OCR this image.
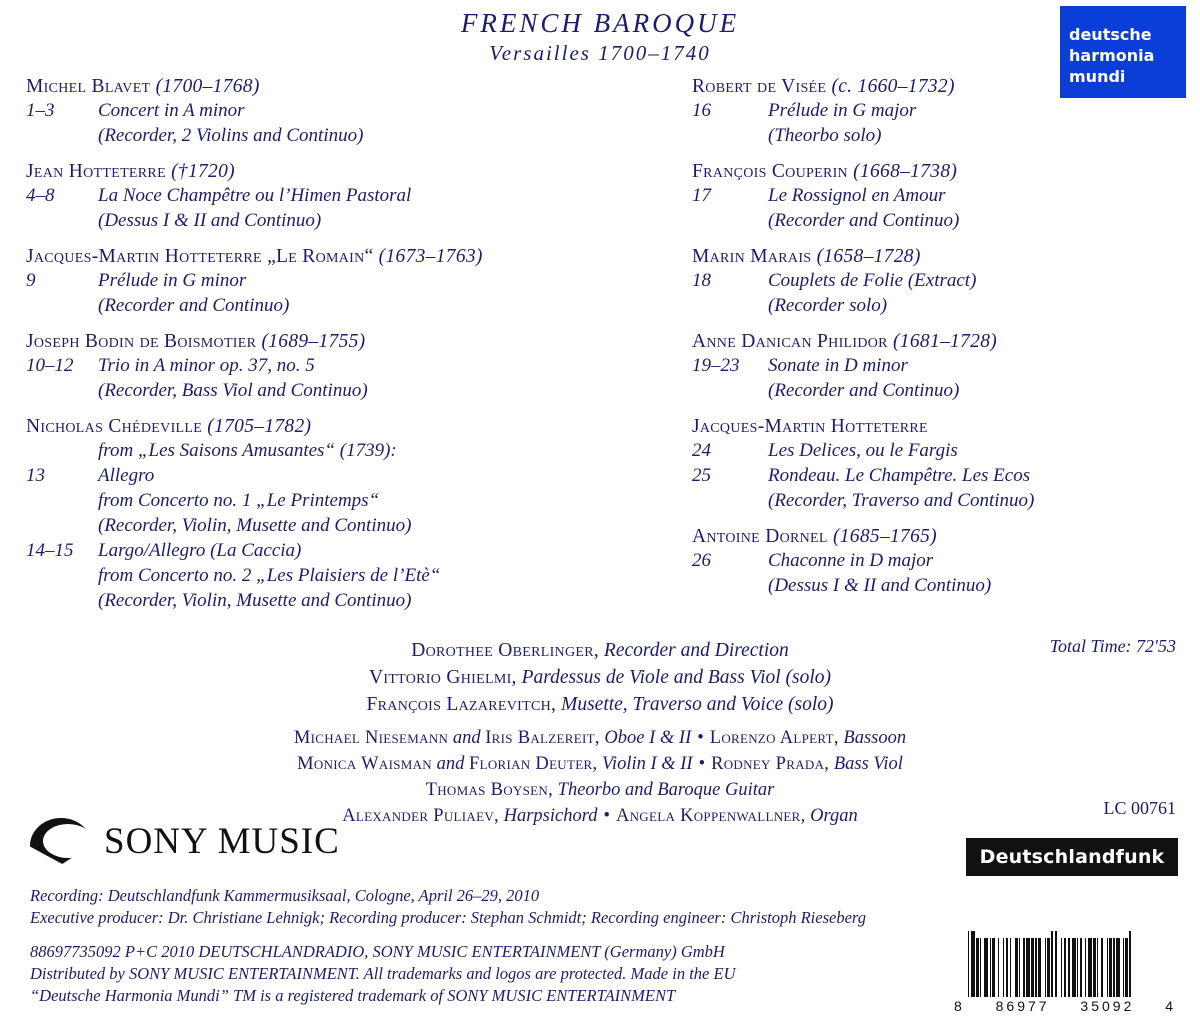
FRENCH BAROQUE
Versailles 1700–1740
deutsche
harmonia
mundi
Michel Blavet (1700–1768)
1–3	Concert in A minor
(Recorder, 2 Violins and Continuo)
Jean Hotteterre (†1720)
4–8	La Noce Champêtre ou l’Himen Pastoral
(Dessus I & II and Continuo)
Jacques-Martin Hotteterre „Le Romain“ (1673–1763)
9	Prélude in G minor
(Recorder and Continuo)
Joseph Bodin de Boismotier (1689–1755)
10–12	Trio in A minor op. 37, no. 5
(Recorder, Bass Viol and Continuo)
Nicholas Chédeville (1705–1782)
from „Les Saisons Amusantes“ (1739):
13	Allegro
from Concerto no. 1 „Le Printemps“
(Recorder, Violin, Musette and Continuo)
14–15	Largo/Allegro (La Caccia)
from Concerto no. 2 „Les Plaisiers de l’Etè“
(Recorder, Violin, Musette and Continuo)
Robert de Visée (c. 1660–1732)
16	Prélude in G major
(Theorbo solo)
François Couperin (1668–1738)
17	Le Rossignol en Amour
(Recorder and Continuo)
Marin Marais (1658–1728)
18	Couplets de Folie (Extract)
(Recorder solo)
Anne Danican Philidor (1681–1728)
19–23	Sonate in D minor
(Recorder and Continuo)
Jacques-Martin Hotteterre
24	Les Delices, ou le Fargis
25	Rondeau. Le Champêtre. Les Ecos
(Recorder, Traverso and Continuo)
Antoine Dornel (1685–1765)
26	Chaconne in D major
(Dessus I & II and Continuo)
Dorothee Oberlinger, Recorder and Direction
Vittorio Ghielmi, Pardessus de Viole and Bass Viol (solo)
François Lazarevitch, Musette, Traverso and Voice (solo)
Total Time: 72′53
Michael Niesemann and Iris Balzereit, Oboe I & II • Lorenzo Alpert, Bassoon
Monica Waisman and Florian Deuter, Violin I & II • Rodney Prada, Bass Viol
Thomas Boysen, Theorbo and Baroque Guitar
Alexander Puliaev, Harpsichord • Angela Koppenwallner, Organ	LC 00761
SONY MUSIC	Deutschlandfunk
Recording: Deutschlandfunk Kammermusiksaal, Cologne, April 26–29, 2010
Executive producer: Dr. Christiane Lehnigk; Recording producer: Stephan Schmidt; Recording engineer: Christoph Rieseberg
88697735092 P+C 2010 DEUTSCHLANDRADIO, SONY MUSIC ENTERTAINMENT (Germany) GmbH
Distributed by SONY MUSIC ENTERTAINMENT. All trademarks and logos are protected. Made in the EU
“Deutsche Harmonia Mundi” TM is a registered trademark of SONY MUSIC ENTERTAINMENT
8 86977 35092 4
